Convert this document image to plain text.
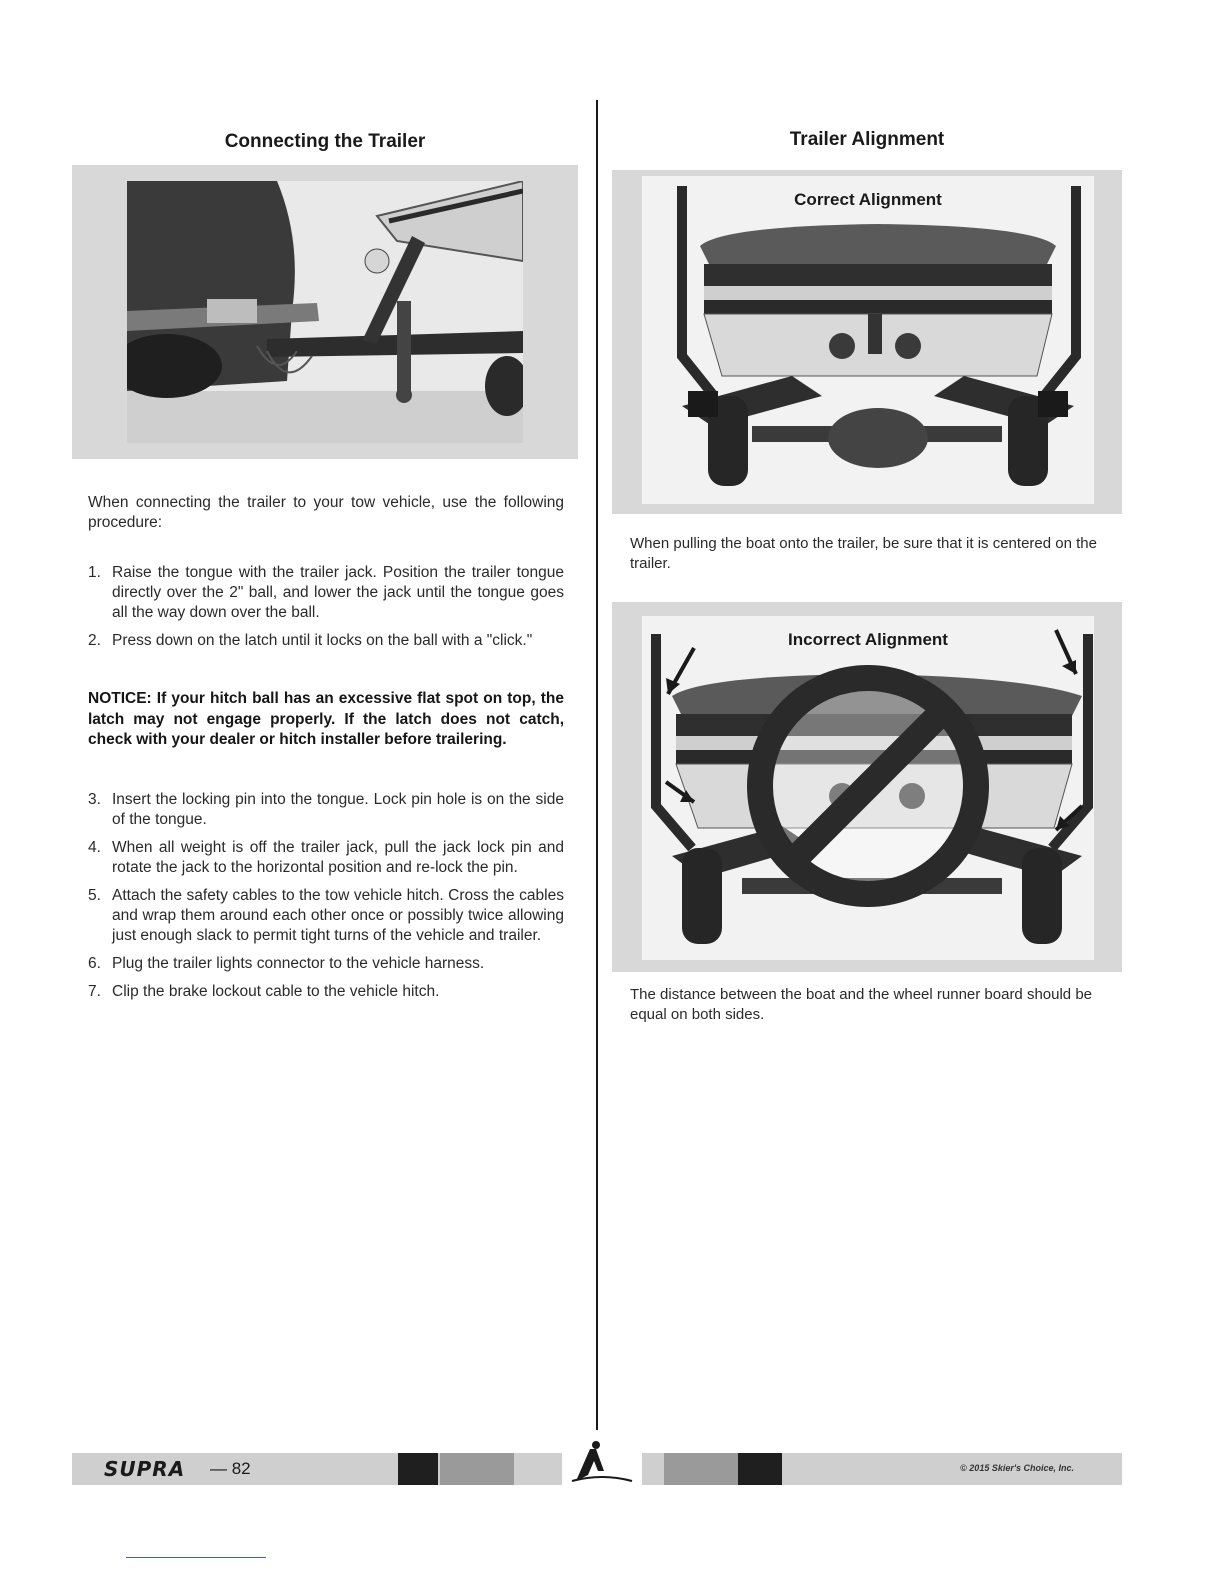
Connecting the Trailer
When connecting the trailer to your tow vehicle, use the following procedure:
1. Raise the tongue with the trailer jack. Position the trailer tongue directly over the 2" ball, and lower the jack until the tongue goes all the way down over the ball.
2. Press down on the latch until it locks on the ball with a "click."
NOTICE: If your hitch ball has an excessive flat spot on top, the latch may not engage properly. If the latch does not catch, check with your dealer or hitch installer before trailering.
3. Insert the locking pin into the tongue. Lock pin hole is on the side of the tongue.
4. When all weight is off the trailer jack, pull the jack lock pin and rotate the jack to the horizontal position and re-lock the pin.
5. Attach the safety cables to the tow vehicle hitch. Cross the cables and wrap them around each other once or possibly twice allowing just enough slack to permit tight turns of the vehicle and trailer.
6. Plug the trailer lights connector to the vehicle harness.
7. Clip the brake lockout cable to the vehicle hitch.
Trailer Alignment
Correct Alignment
When pulling the boat onto the trailer, be sure that it is centered on the trailer.
Incorrect Alignment
The distance between the boat and the wheel runner board should be equal on both sides.
SUPRA — 82	© 2015 Skier's Choice, Inc.
